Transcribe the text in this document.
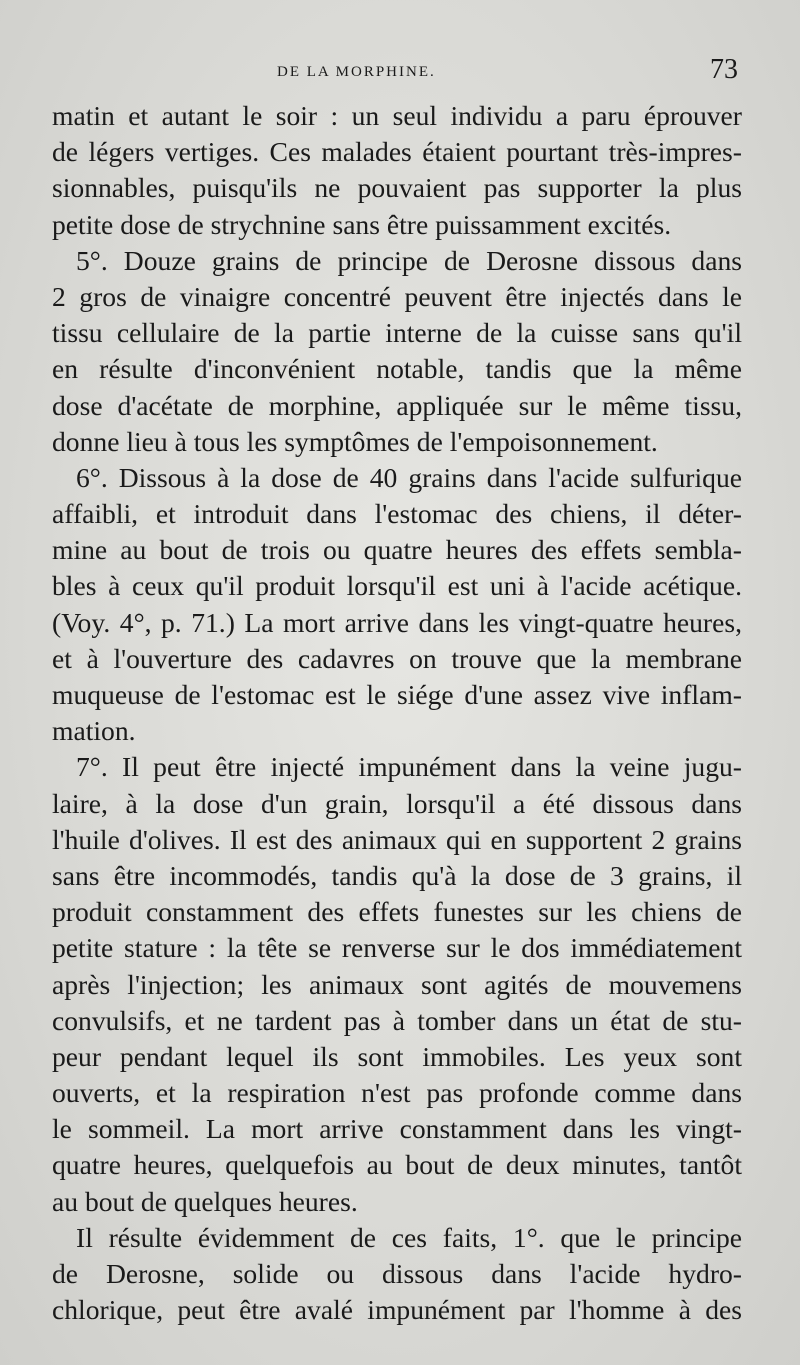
DE LA MORPHINE.	73
matin et autant le soir : un seul individu a paru éprouver
de légers vertiges. Ces malades étaient pourtant très-impres-
sionnables, puisqu'ils ne pouvaient pas supporter la plus
petite dose de strychnine sans être puissamment excités.
5°. Douze grains de principe de Derosne dissous dans
2 gros de vinaigre concentré peuvent être injectés dans le
tissu cellulaire de la partie interne de la cuisse sans qu'il
en résulte d'inconvénient notable, tandis que la même
dose d'acétate de morphine, appliquée sur le même tissu,
donne lieu à tous les symptômes de l'empoisonnement.
6°. Dissous à la dose de 40 grains dans l'acide sulfurique
affaibli, et introduit dans l'estomac des chiens, il déter-
mine au bout de trois ou quatre heures des effets sembla-
bles à ceux qu'il produit lorsqu'il est uni à l'acide acétique.
(Voy. 4°, p. 71.) La mort arrive dans les vingt-quatre heures,
et à l'ouverture des cadavres on trouve que la membrane
muqueuse de l'estomac est le siége d'une assez vive inflam-
mation.
7°. Il peut être injecté impunément dans la veine jugu-
laire, à la dose d'un grain, lorsqu'il a été dissous dans
l'huile d'olives. Il est des animaux qui en supportent 2 grains
sans être incommodés, tandis qu'à la dose de 3 grains, il
produit constamment des effets funestes sur les chiens de
petite stature : la tête se renverse sur le dos immédiatement
après l'injection; les animaux sont agités de mouvemens
convulsifs, et ne tardent pas à tomber dans un état de stu-
peur pendant lequel ils sont immobiles. Les yeux sont
ouverts, et la respiration n'est pas profonde comme dans
le sommeil. La mort arrive constamment dans les vingt-
quatre heures, quelquefois au bout de deux minutes, tantôt
au bout de quelques heures.
Il résulte évidemment de ces faits, 1°. que le principe
de Derosne, solide ou dissous dans l'acide hydro-
chlorique, peut être avalé impunément par l'homme à des
